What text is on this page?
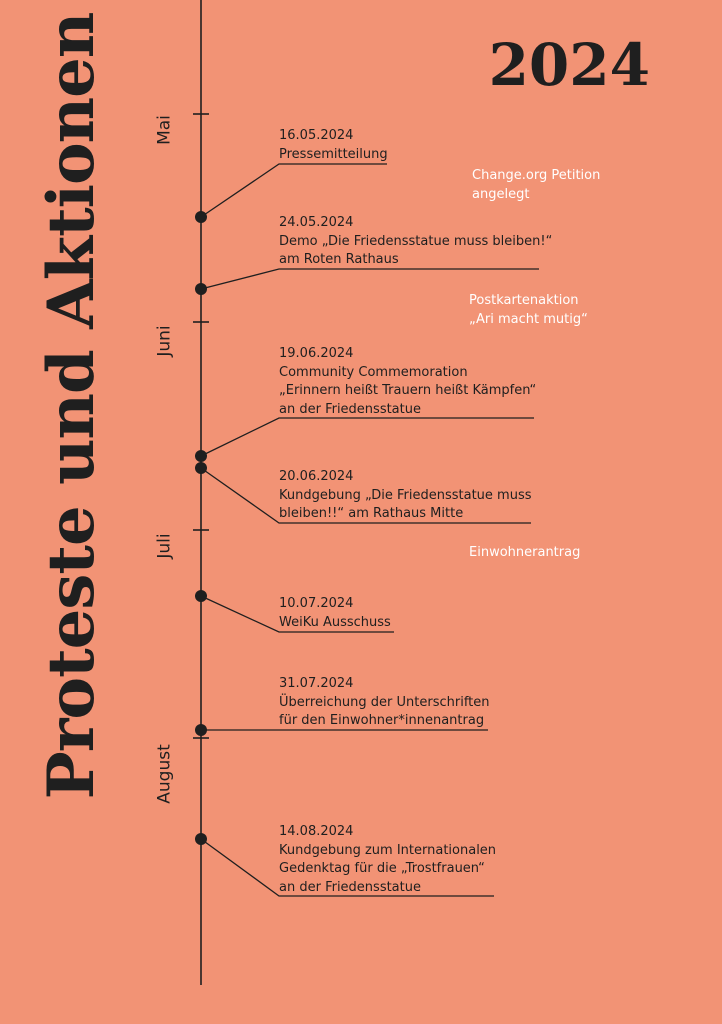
Proteste und Aktionen	2024
Mai
Juni
Juli
August
16.05.2024
Pressemitteilung
24.05.2024
Demo „Die Friedensstatue muss bleiben!“
am Roten Rathaus
19.06.2024
Community Commemoration
„Erinnern heißt Trauern heißt Kämpfen“
an der Friedensstatue
20.06.2024
Kundgebung „Die Friedensstatue muss
bleiben!!“ am Rathaus Mitte
10.07.2024
WeiKu Ausschuss
31.07.2024
Überreichung der Unterschriften
für den Einwohner*innenantrag
14.08.2024
Kundgebung zum Internationalen
Gedenktag für die „Trostfrauen“
an der Friedensstatue
Change.org Petition
angelegt
Postkartenaktion
„Ari macht mutig“
Einwohnerantrag
